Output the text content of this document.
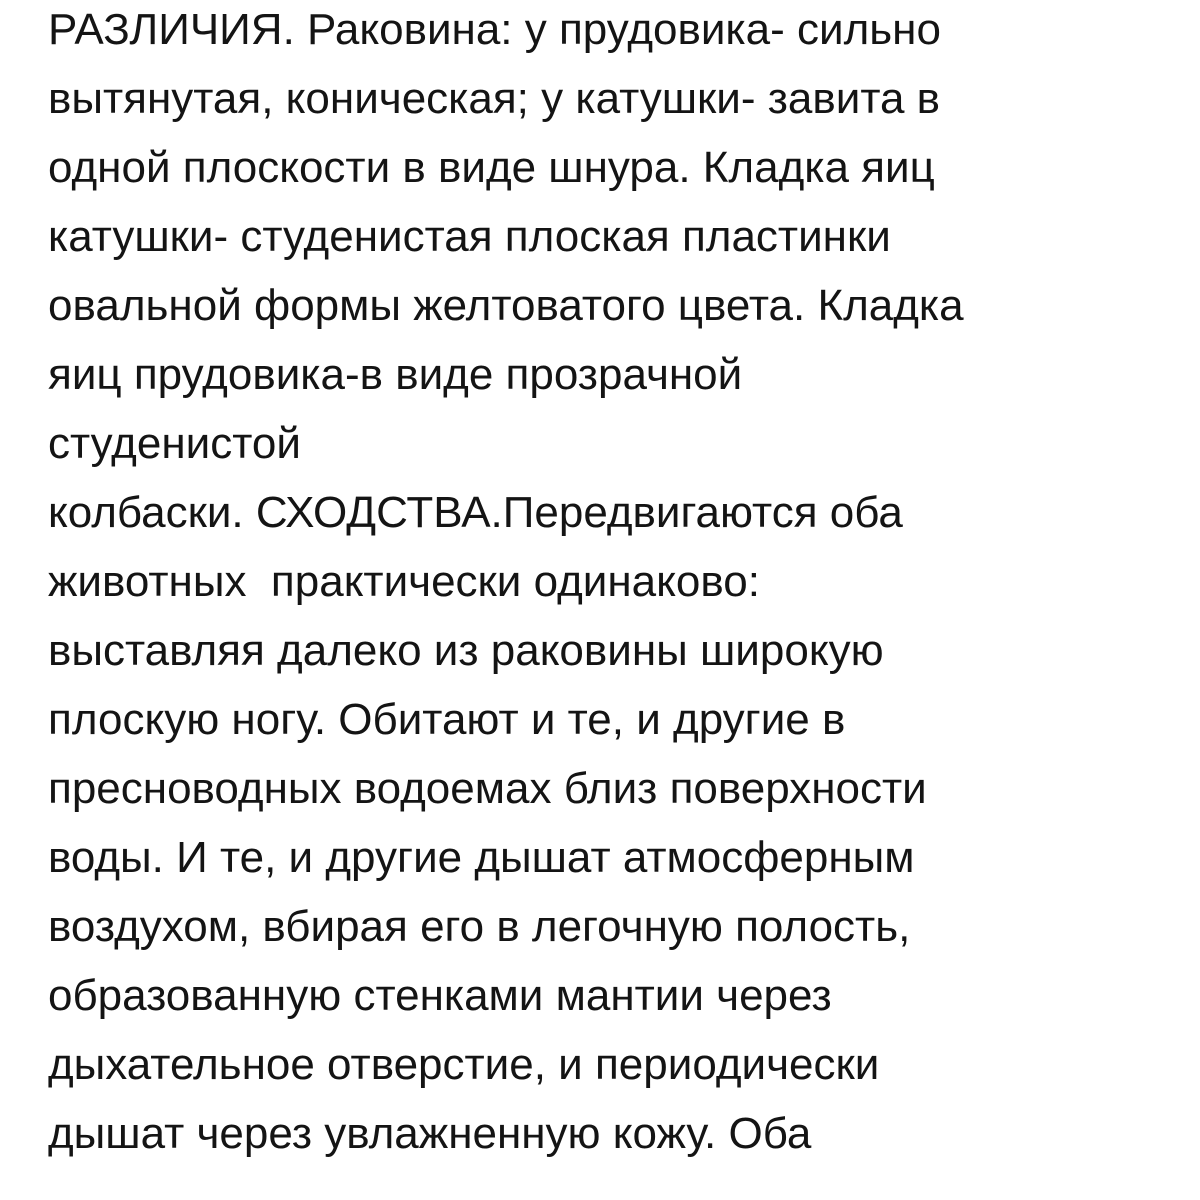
РАЗЛИЧИЯ. Раковина: у прудовика- сильно
вытянутая, коническая; у катушки- завита в
одной плоскости в виде шнура. Кладка яиц
катушки- студенистая плоская пластинки
овальной формы желтоватого цвета. Кладка
яиц прудовика-в виде прозрачной
студенистой
колбаски. СХОДСТВА.Передвигаются оба
животных  практически одинаково:
выставляя далеко из раковины широкую
плоскую ногу. Обитают и те, и другие в
пресноводных водоемах близ поверхности
воды. И те, и другие дышат атмосферным
воздухом, вбирая его в легочную полость,
образованную стенками мантии через
дыхательное отверстие, и периодически
дышат через увлажненную кожу. Оба
